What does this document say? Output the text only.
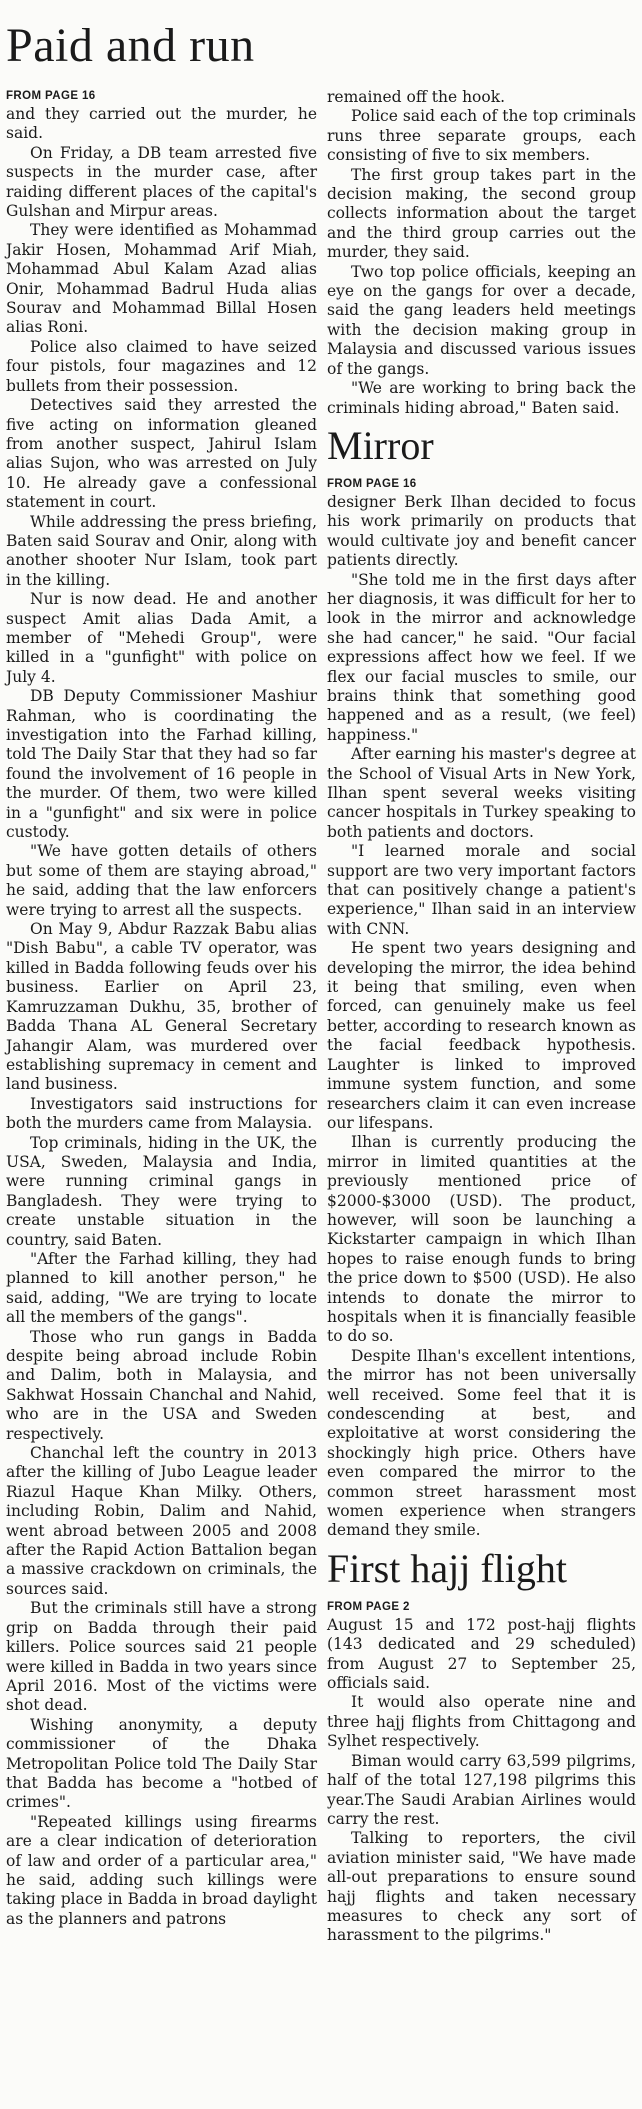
Paid and run

FROM PAGE 16

and they carried out the murder, he said.

On Friday, a DB team arrested five suspects in the murder case, after raiding different places of the capital's Gulshan and Mirpur areas.

They were identified as Mohammad Jakir Hosen, Mohammad Arif Miah, Mohammad Abul Kalam Azad alias Onir, Mohammad Badrul Huda alias Sourav and Mohammad Billal Hosen alias Roni.

Police also claimed to have seized four pistols, four magazines and 12 bullets from their possession.

Detectives said they arrested the five acting on information gleaned from another suspect, Jahirul Islam alias Sujon, who was arrested on July 10. He already gave a confessional statement in court.

While addressing the press briefing, Baten said Sourav and Onir, along with another shooter Nur Islam, took part in the killing.

Nur is now dead. He and another suspect Amit alias Dada Amit, a member of "Mehedi Group", were killed in a "gunfight" with police on July 4.

DB Deputy Commissioner Mashiur Rahman, who is coordinating the investigation into the Farhad killing, told The Daily Star that they had so far found the involvement of 16 people in the murder. Of them, two were killed in a "gunfight" and six were in police custody.

"We have gotten details of others but some of them are staying abroad," he said, adding that the law enforcers were trying to arrest all the suspects.

On May 9, Abdur Razzak Babu alias "Dish Babu", a cable TV operator, was killed in Badda following feuds over his business. Earlier on April 23, Kamruzzaman Dukhu, 35, brother of Badda Thana AL General Secretary Jahangir Alam, was murdered over establishing supremacy in cement and land business.

Investigators said instructions for both the murders came from Malaysia.

Top criminals, hiding in the UK, the USA, Sweden, Malaysia and India, were running criminal gangs in Bangladesh. They were trying to create unstable situation in the country, said Baten.

"After the Farhad killing, they had planned to kill another person," he said, adding, "We are trying to locate all the members of the gangs".

Those who run gangs in Badda despite being abroad include Robin and Dalim, both in Malaysia, and Sakhwat Hossain Chanchal and Nahid, who are in the USA and Sweden respectively.

Chanchal left the country in 2013 after the killing of Jubo League leader Riazul Haque Khan Milky. Others, including Robin, Dalim and Nahid, went abroad between 2005 and 2008 after the Rapid Action Battalion began a massive crackdown on criminals, the sources said.

But the criminals still have a strong grip on Badda through their paid killers. Police sources said 21 people were killed in Badda in two years since April 2016. Most of the victims were shot dead.

Wishing anonymity, a deputy commissioner of the Dhaka Metropolitan Police told The Daily Star that Badda has become a "hotbed of crimes".

"Repeated killings using firearms are a clear indication of deterioration of law and order of a particular area," he said, adding such killings were taking place in Badda in broad daylight as the planners and patrons

remained off the hook.

Police said each of the top criminals runs three separate groups, each consisting of five to six members.

The first group takes part in the decision making, the second group collects information about the target and the third group carries out the murder, they said.

Two top police officials, keeping an eye on the gangs for over a decade, said the gang leaders held meetings with the decision making group in Malaysia and discussed various issues of the gangs.

"We are working to bring back the criminals hiding abroad," Baten said.

Mirror

FROM PAGE 16

designer Berk Ilhan decided to focus his work primarily on products that would cultivate joy and benefit cancer patients directly.

"She told me in the first days after her diagnosis, it was difficult for her to look in the mirror and acknowledge she had cancer," he said. "Our facial expressions affect how we feel. If we flex our facial muscles to smile, our brains think that something good happened and as a result, (we feel) happiness."

After earning his master's degree at the School of Visual Arts in New York, Ilhan spent several weeks visiting cancer hospitals in Turkey speaking to both patients and doctors.

"I learned morale and social support are two very important factors that can positively change a patient's experience," Ilhan said in an interview with CNN.

He spent two years designing and developing the mirror, the idea behind it being that smiling, even when forced, can genuinely make us feel better, according to research known as the facial feedback hypothesis. Laughter is linked to improved immune system function, and some researchers claim it can even increase our lifespans.

Ilhan is currently producing the mirror in limited quantities at the previously mentioned price of $2000-$3000 (USD). The product, however, will soon be launching a Kickstarter campaign in which Ilhan hopes to raise enough funds to bring the price down to $500 (USD). He also intends to donate the mirror to hospitals when it is financially feasible to do so.

Despite Ilhan's excellent intentions, the mirror has not been universally well received. Some feel that it is condescending at best, and exploitative at worst considering the shockingly high price. Others have even compared the mirror to the common street harassment most women experience when strangers demand they smile.

First hajj flight

FROM PAGE 2

August 15 and 172 post-hajj flights (143 dedicated and 29 scheduled) from August 27 to September 25, officials said.

It would also operate nine and three hajj flights from Chittagong and Sylhet respectively.

Biman would carry 63,599 pilgrims, half of the total 127,198 pilgrims this year.The Saudi Arabian Airlines would carry the rest.

Talking to reporters, the civil aviation minister said, "We have made all-out preparations to ensure sound hajj flights and taken necessary measures to check any sort of harassment to the pilgrims."
